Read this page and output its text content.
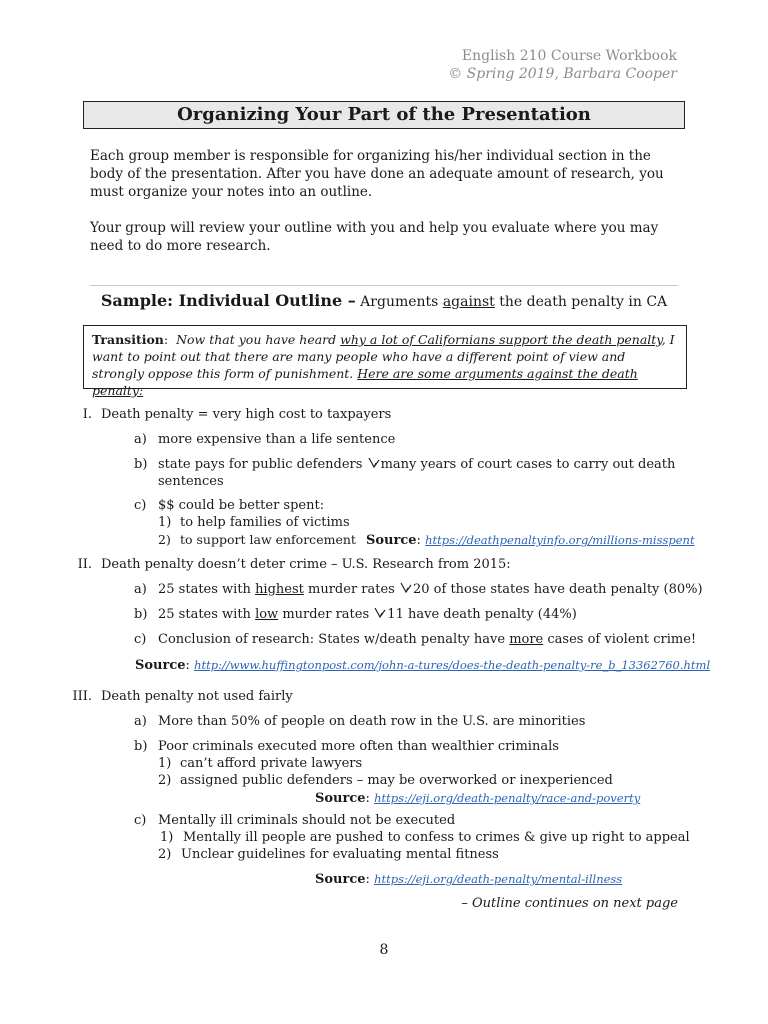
English 210 Course Workbook
© Spring 2019, Barbara Cooper
Organizing Your Part of the Presentation
Each group member is responsible for organizing his/her individual section in the body of the presentation. After you have done an adequate amount of research, you must organize your notes into an outline.
Your group will review your outline with you and help you evaluate where you may need to do more research.
Sample: Individual Outline – Arguments against the death penalty in CA
Transition: Now that you have heard why a lot of Californians support the death penalty, I want to point out that there are many people who have a different point of view and strongly oppose this form of punishment. Here are some arguments against the death penalty:
I. Death penalty = very high cost to taxpayers
a) more expensive than a life sentence
b) state pays for public defenders many years of court cases to carry out death
sentences
c) $$ could be better spent:
1) to help families of victims
2) to support law enforcement Source: https://deathpenaltyinfo.org/millions-misspent
II. Death penalty doesn’t deter crime – U.S. Research from 2015:
a) 25 states with highest murder rates 20 of those states have death penalty (80%)
b) 25 states with low murder rates 11 have death penalty (44%)
c) Conclusion of research: States w/death penalty have more cases of violent crime!
Source: http://www.huffingtonpost.com/john-a-tures/does-the-death-penalty-re_b_13362760.html
III. Death penalty not used fairly
a) More than 50% of people on death row in the U.S. are minorities
b) Poor criminals executed more often than wealthier criminals
1) can’t afford private lawyers
2) assigned public defenders – may be overworked or inexperienced
Source: https://eji.org/death-penalty/race-and-poverty
c) Mentally ill criminals should not be executed
1) Mentally ill people are pushed to confess to crimes & give up right to appeal
2) Unclear guidelines for evaluating mental fitness
Source: https://eji.org/death-penalty/mental-illness
– Outline continues on next page
8
